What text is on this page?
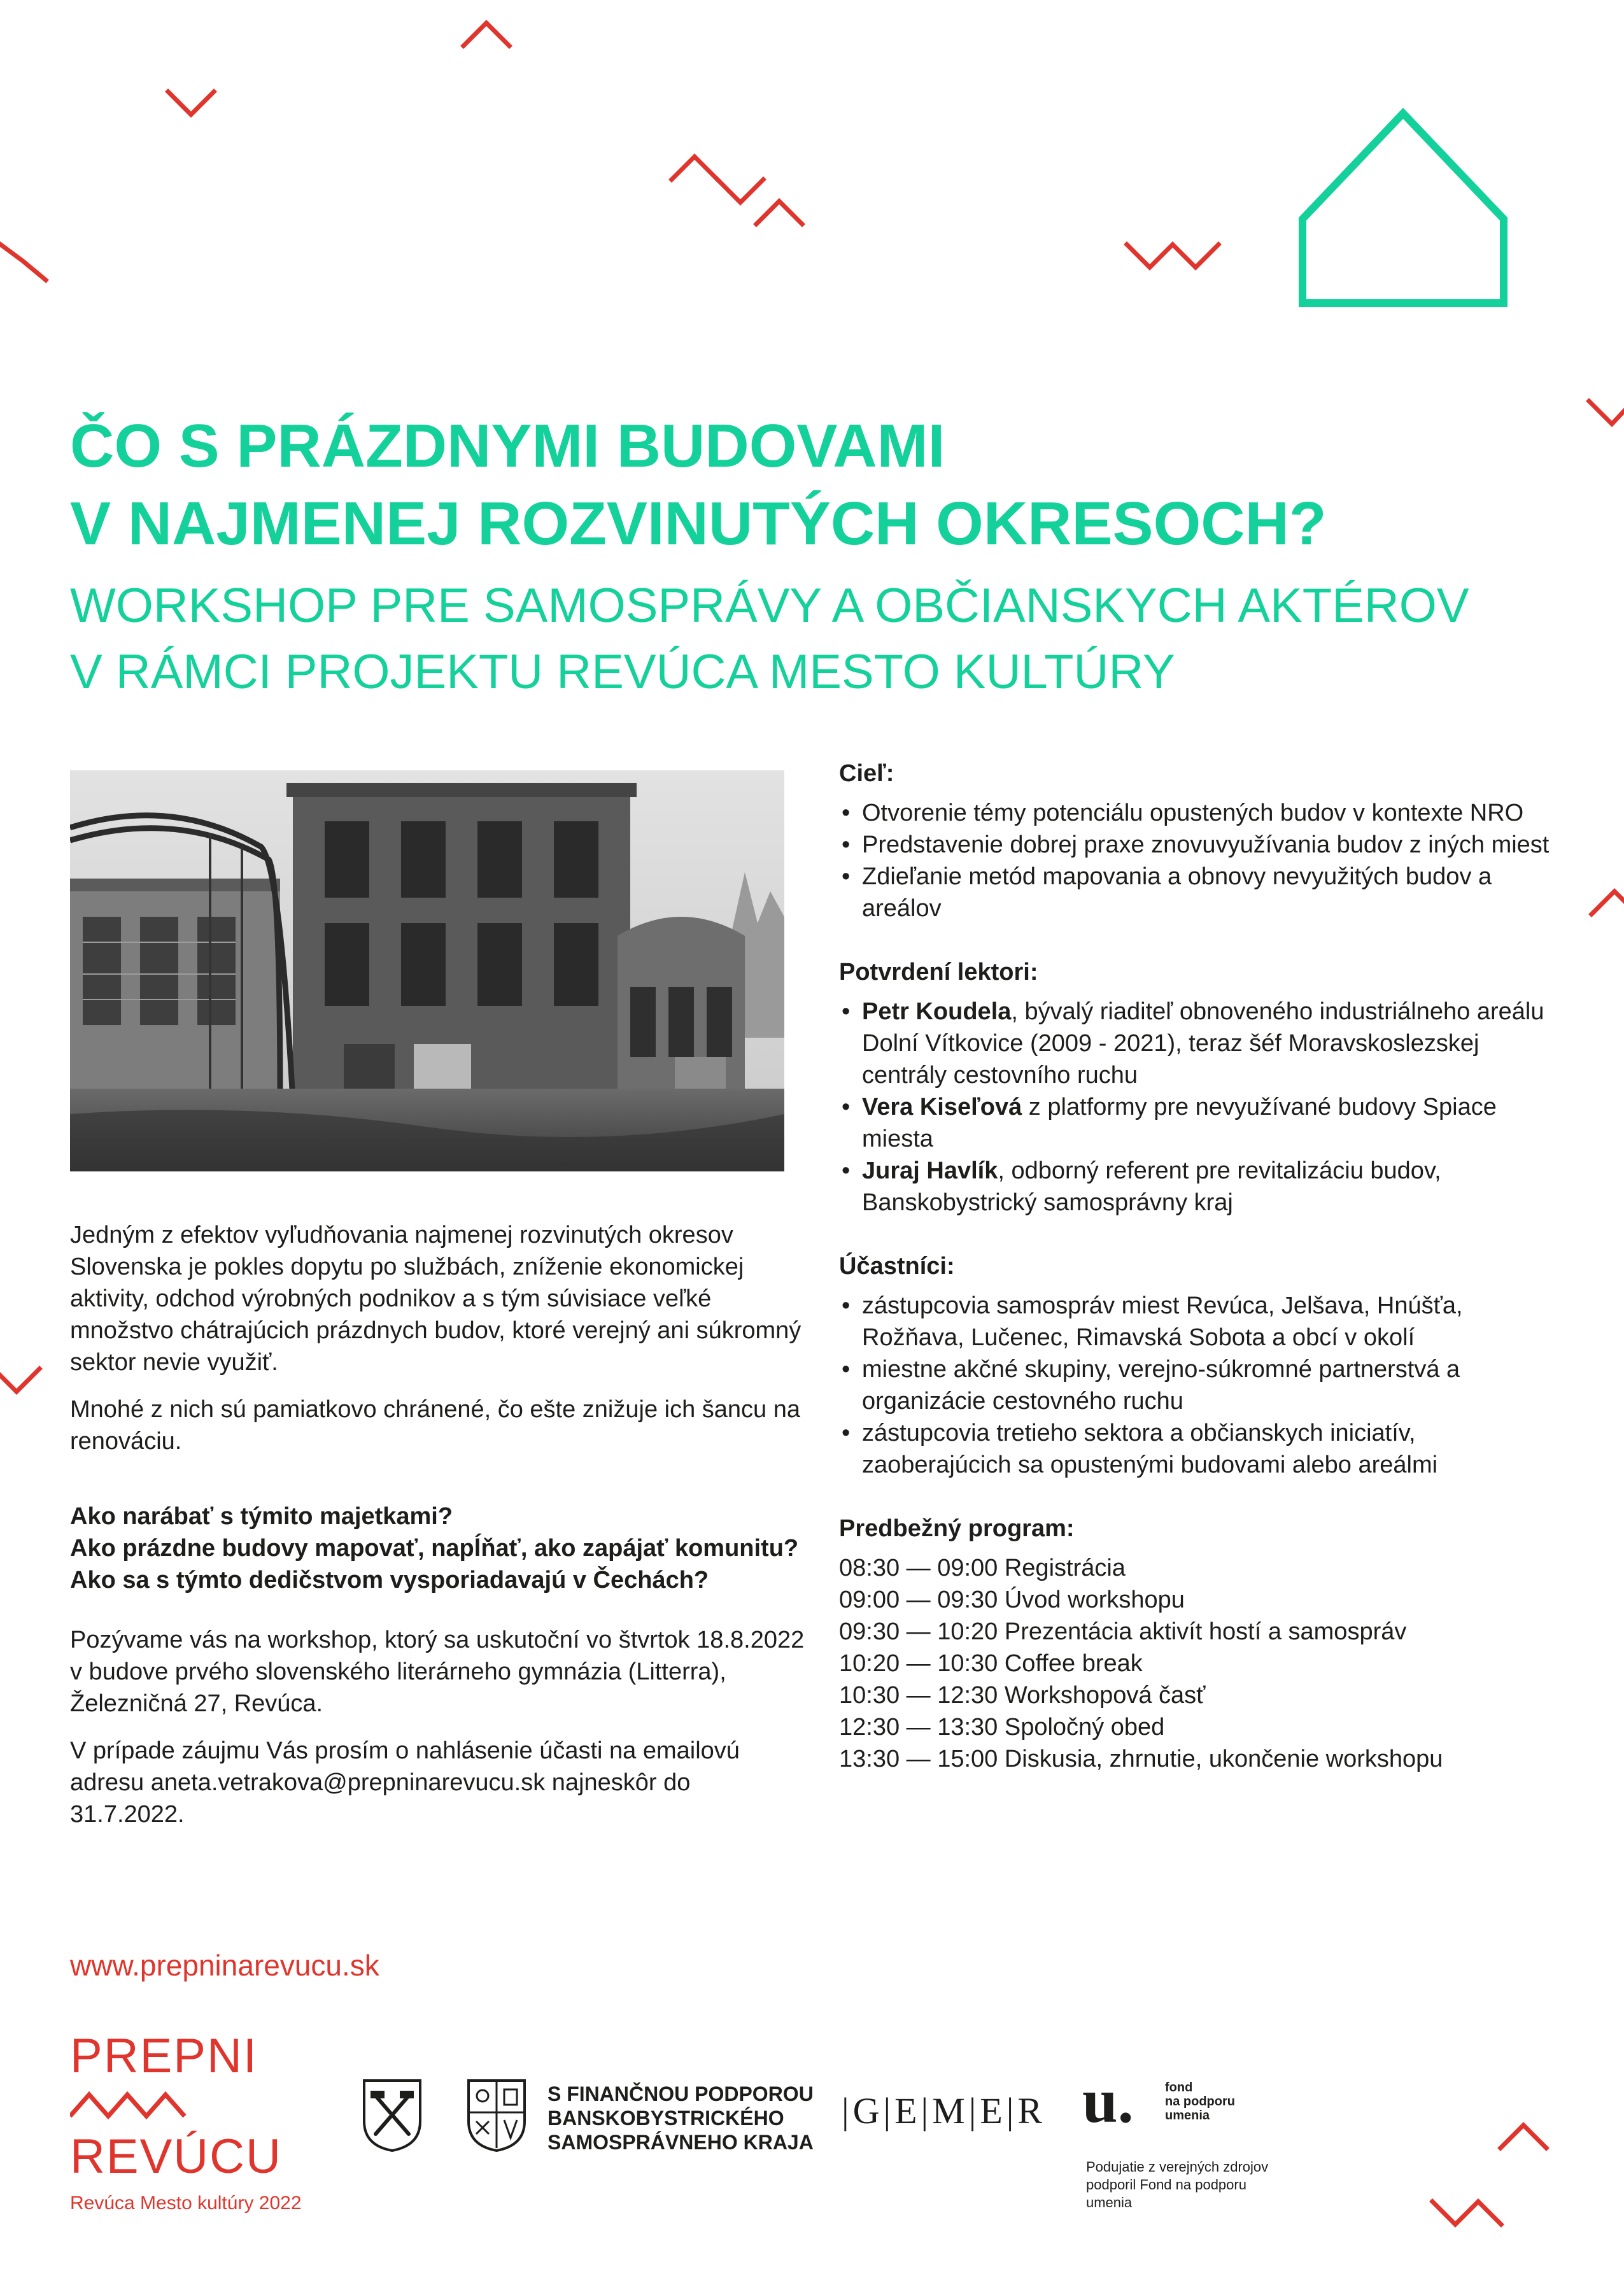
ČO S PRÁZDNYMI BUDOVAMI
V NAJMENEJ ROZVINUTÝCH OKRESOCH?
WORKSHOP PRE SAMOSPRÁVY A OBČIANSKYCH AKTÉROV
V RÁMCI PROJEKTU REVÚCA MESTO KULTÚRY

Jedným z efektov vyľudňovania najmenej rozvinutých okresov Slovenska je pokles dopytu po službách, zníženie ekonomickej aktivity, odchod výrobných podnikov a s tým súvisiace veľké množstvo chátrajúcich prázdnych budov, ktoré verejný ani súkromný sektor nevie využiť.

Mnohé z nich sú pamiatkovo chránené, čo ešte znižuje ich šancu na renováciu.

Ako narábať s týmito majetkami?

Ako prázdne budovy mapovať, napĺňať, ako zapájať komunitu?

Ako sa s týmto dedičstvom vysporiadavajú v Čechách?

Pozývame vás na workshop, ktorý sa uskutoční vo štvrtok 18.8.2022 v budove prvého slovenského literárneho gymnázia (Litterra), Železničná 27, Revúca.

V prípade záujmu Vás prosím o nahlásenie účasti na emailovú adresu aneta.vetrakova@prepninarevucu.sk najneskôr do 31.7.2022.

Cieľ:
• Otvorenie témy potenciálu opustených budov v kontexte NRO
• Predstavenie dobrej praxe znovuvyužívania budov z iných miest
• Zdieľanie metód mapovania a obnovy nevyužitých budov a areálov
Potvrdení lektori:
• Petr Koudela, bývalý riaditeľ obnoveného industriálneho areálu Dolní Vítkovice (2009 - 2021), teraz šéf Moravskoslezskej centrály cestovního ruchu
• Vera Kiseľová z platformy pre nevyužívané budovy Spiace miesta
• Juraj Havlík, odborný referent pre revitalizáciu budov, Banskobystrický samosprávny kraj
Účastníci:
• zástupcovia samospráv miest Revúca, Jelšava, Hnúšťa, Rožňava, Lučenec, Rimavská Sobota a obcí v okolí
• miestne akčné skupiny, verejno-súkromné partnerstvá a organizácie cestovného ruchu
• zástupcovia tretieho sektora a občianskych iniciatív, zaoberajúcich sa opustenými budovami alebo areálmi
Predbežný program:
08:30 — 09:00 Registrácia
09:00 — 09:30 Úvod workshopu
09:30 — 10:20 Prezentácia aktivít hostí a samospráv
10:20 — 10:30 Coffee break
10:30 — 12:30 Workshopová časť
12:30 — 13:30 Spoločný obed
13:30 — 15:00 Diskusia, zhrnutie, ukončenie workshopu
www.prepninarevucu.sk
PREPNI
REVÚCU
Revúca Mesto kultúry 2022
S FINANČNOU PODPOROU
BANSKOBYSTRICKÉHO
SAMOSPRÁVNEHO KRAJA
|G|E|M|E|R u. fond
na podporu
umenia
Podujatie z verejných zdrojov podporil Fond na podporu umenia
